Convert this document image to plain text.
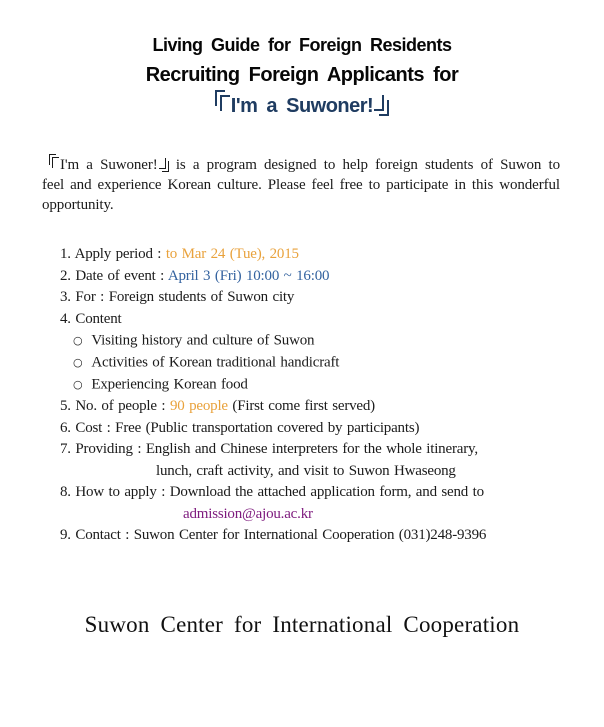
Living Guide for Foreign Residents
Recruiting Foreign Applicants for
I'm a Suwoner!

I'm a Suwoner! is a program designed to help foreign students of Suwon to feel and experience Korean culture. Please feel free to participate in this wonderful opportunity.

1. Apply period : to Mar 24 (Tue), 2015
2. Date of event : April 3 (Fri) 10:00 ~ 16:00
3. For : Foreign students of Suwon city
4. Content
○ Visiting history and culture of Suwon
○ Activities of Korean traditional handicraft
○ Experiencing Korean food
5. No. of people : 90 people (First come first served)
6. Cost : Free (Public transportation covered by participants)
7. Providing : English and Chinese interpreters for the whole itinerary,
lunch, craft activity, and visit to Suwon Hwaseong
8. How to apply : Download the attached application form, and send to
admission@ajou.ac.kr
9. Contact : Suwon Center for International Cooperation (031)248-9396
Suwon Center for International Cooperation
